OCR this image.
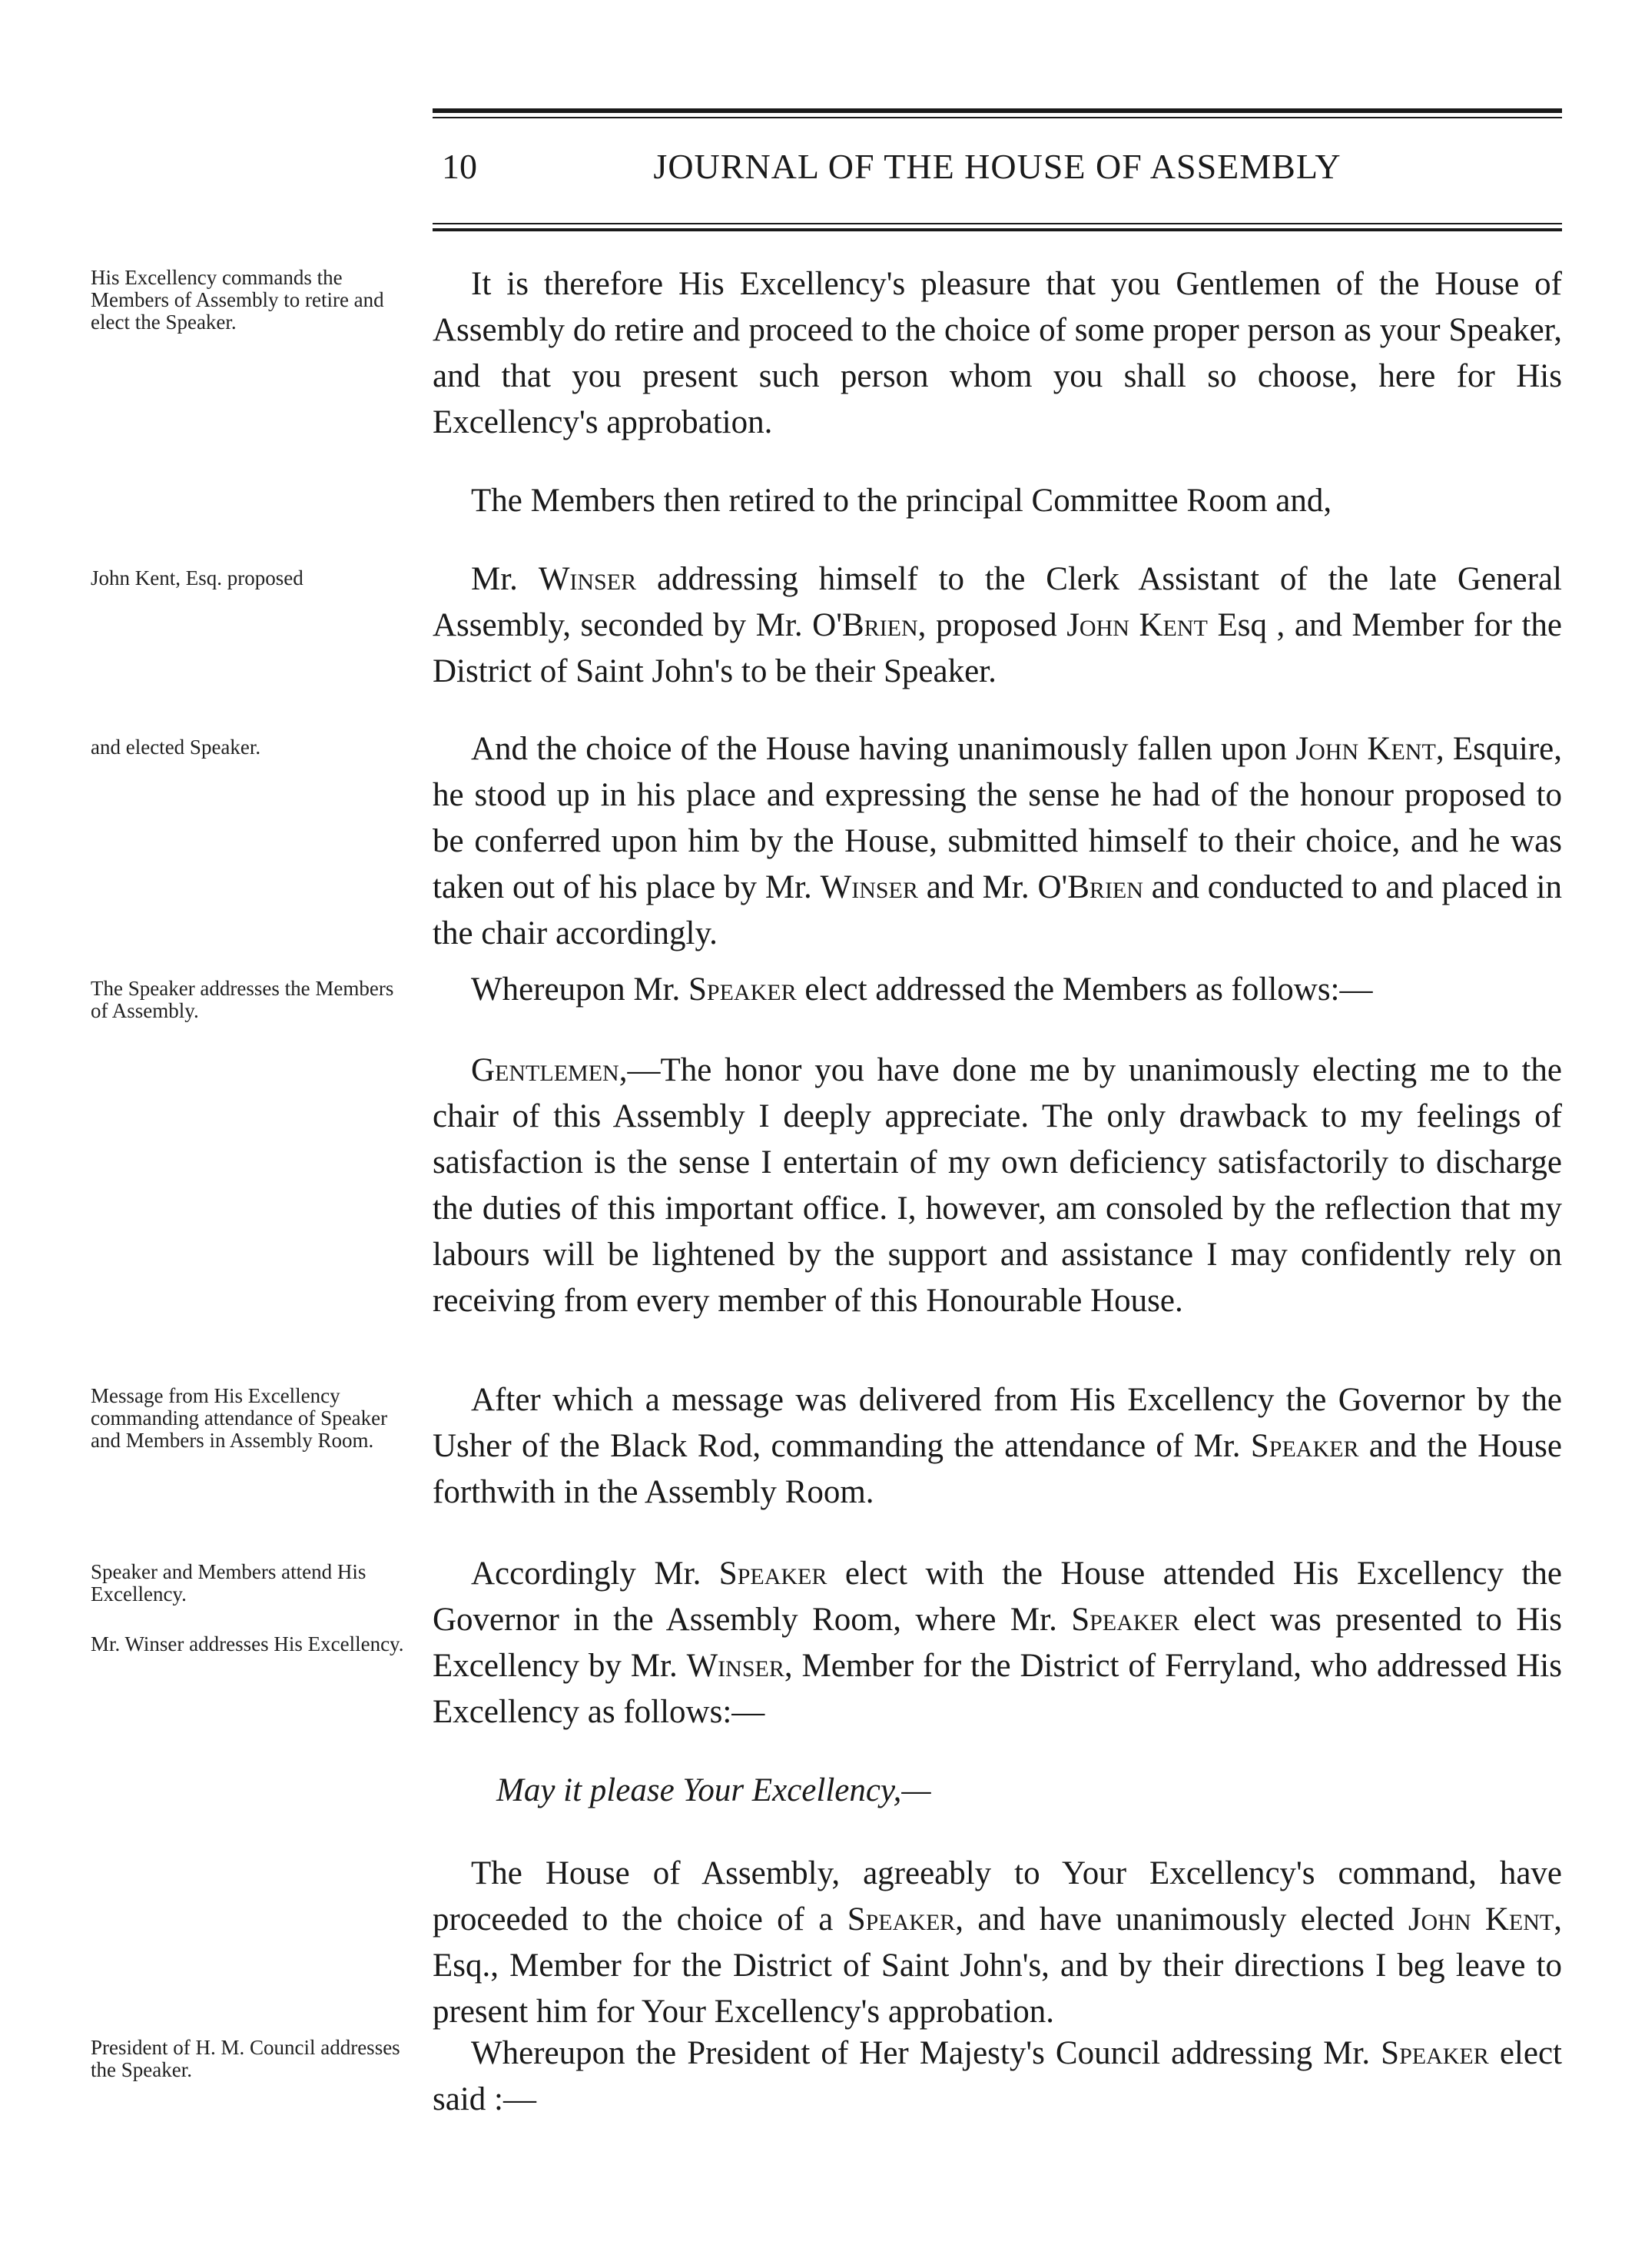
10	JOURNAL OF THE HOUSE OF ASSEMBLY
His Excellency commands the Members of Assembly to retire and elect the Speaker.
John Kent, Esq. proposed
and elected Speaker.
The Speaker addresses the Members of Assembly.
Message from His Excellency commanding attendance of Speaker and Members in Assembly Room.
Speaker and Members attend His Excellency.
Mr. Winser addresses His Excellency.
President of H. M. Council addresses the Speaker.

It is therefore His Excellency's pleasure that you Gentlemen of the House of Assembly do retire and proceed to the choice of some proper person as your Speaker, and that you present such person whom you shall so choose, here for His Excellency's approbation.

The Members then retired to the principal Committee Room and,

Mr. Winser addressing himself to the Clerk Assistant of the late General Assembly, seconded by Mr. O'Brien, proposed John Kent Esq , and Member for the District of Saint John's to be their Speaker.

And the choice of the House having unanimously fallen upon John Kent, Esquire, he stood up in his place and expressing the sense he had of the honour proposed to be conferred upon him by the House, submitted himself to their choice, and he was taken out of his place by Mr. Winser and Mr. O'Brien and conducted to and placed in the chair accordingly.

Whereupon Mr. Speaker elect addressed the Members as follows:—

Gentlemen,—The honor you have done me by unanimously electing me to the chair of this Assembly I deeply appreciate. The only drawback to my feelings of satisfaction is the sense I entertain of my own deficiency satisfactorily to discharge the duties of this important office. I, however, am consoled by the reflection that my labours will be lightened by the support and assistance I may confidently rely on receiving from every member of this Honourable House.

After which a message was delivered from His Excellency the Governor by the Usher of the Black Rod, commanding the attendance of Mr. Speaker and the House forthwith in the Assembly Room.

Accordingly Mr. Speaker elect with the House attended His Excellency the Governor in the Assembly Room, where Mr. Speaker elect was presented to His Excellency by Mr. Winser, Member for the District of Ferryland, who addressed His Excellency as follows:—

May it please Your Excellency,—

The House of Assembly, agreeably to Your Excellency's command, have proceeded to the choice of a Speaker, and have unanimously elected John Kent, Esq., Member for the District of Saint John's, and by their directions I beg leave to present him for Your Excellency's approbation.

Whereupon the President of Her Majesty's Council addressing Mr. Speaker elect said :—
